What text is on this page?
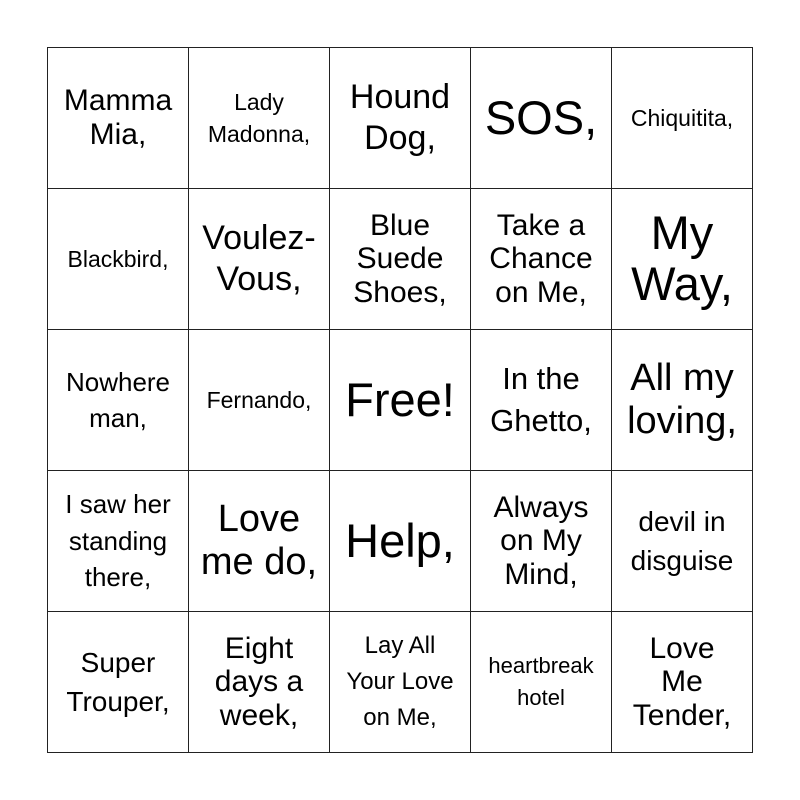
Mamma
Mia,
Lady
Madonna,
Hound
Dog,	SOS, Chiquitita,
Blackbird,
Voulez-
Vous,
Blue
Suede
Shoes,
Take a
Chance
on Me,
My
Way,
Nowhere
man,
Fernando, Free!	In the
Ghetto,
All my
loving,
I saw her
standing
there,
Love
me do, Help,
Always
on My
Mind,
devil in
disguise
Super
Trouper,
Eight
days a
week,
Lay All
Your Love
on Me,
heartbreak
hotel
Love
Me
Tender,
